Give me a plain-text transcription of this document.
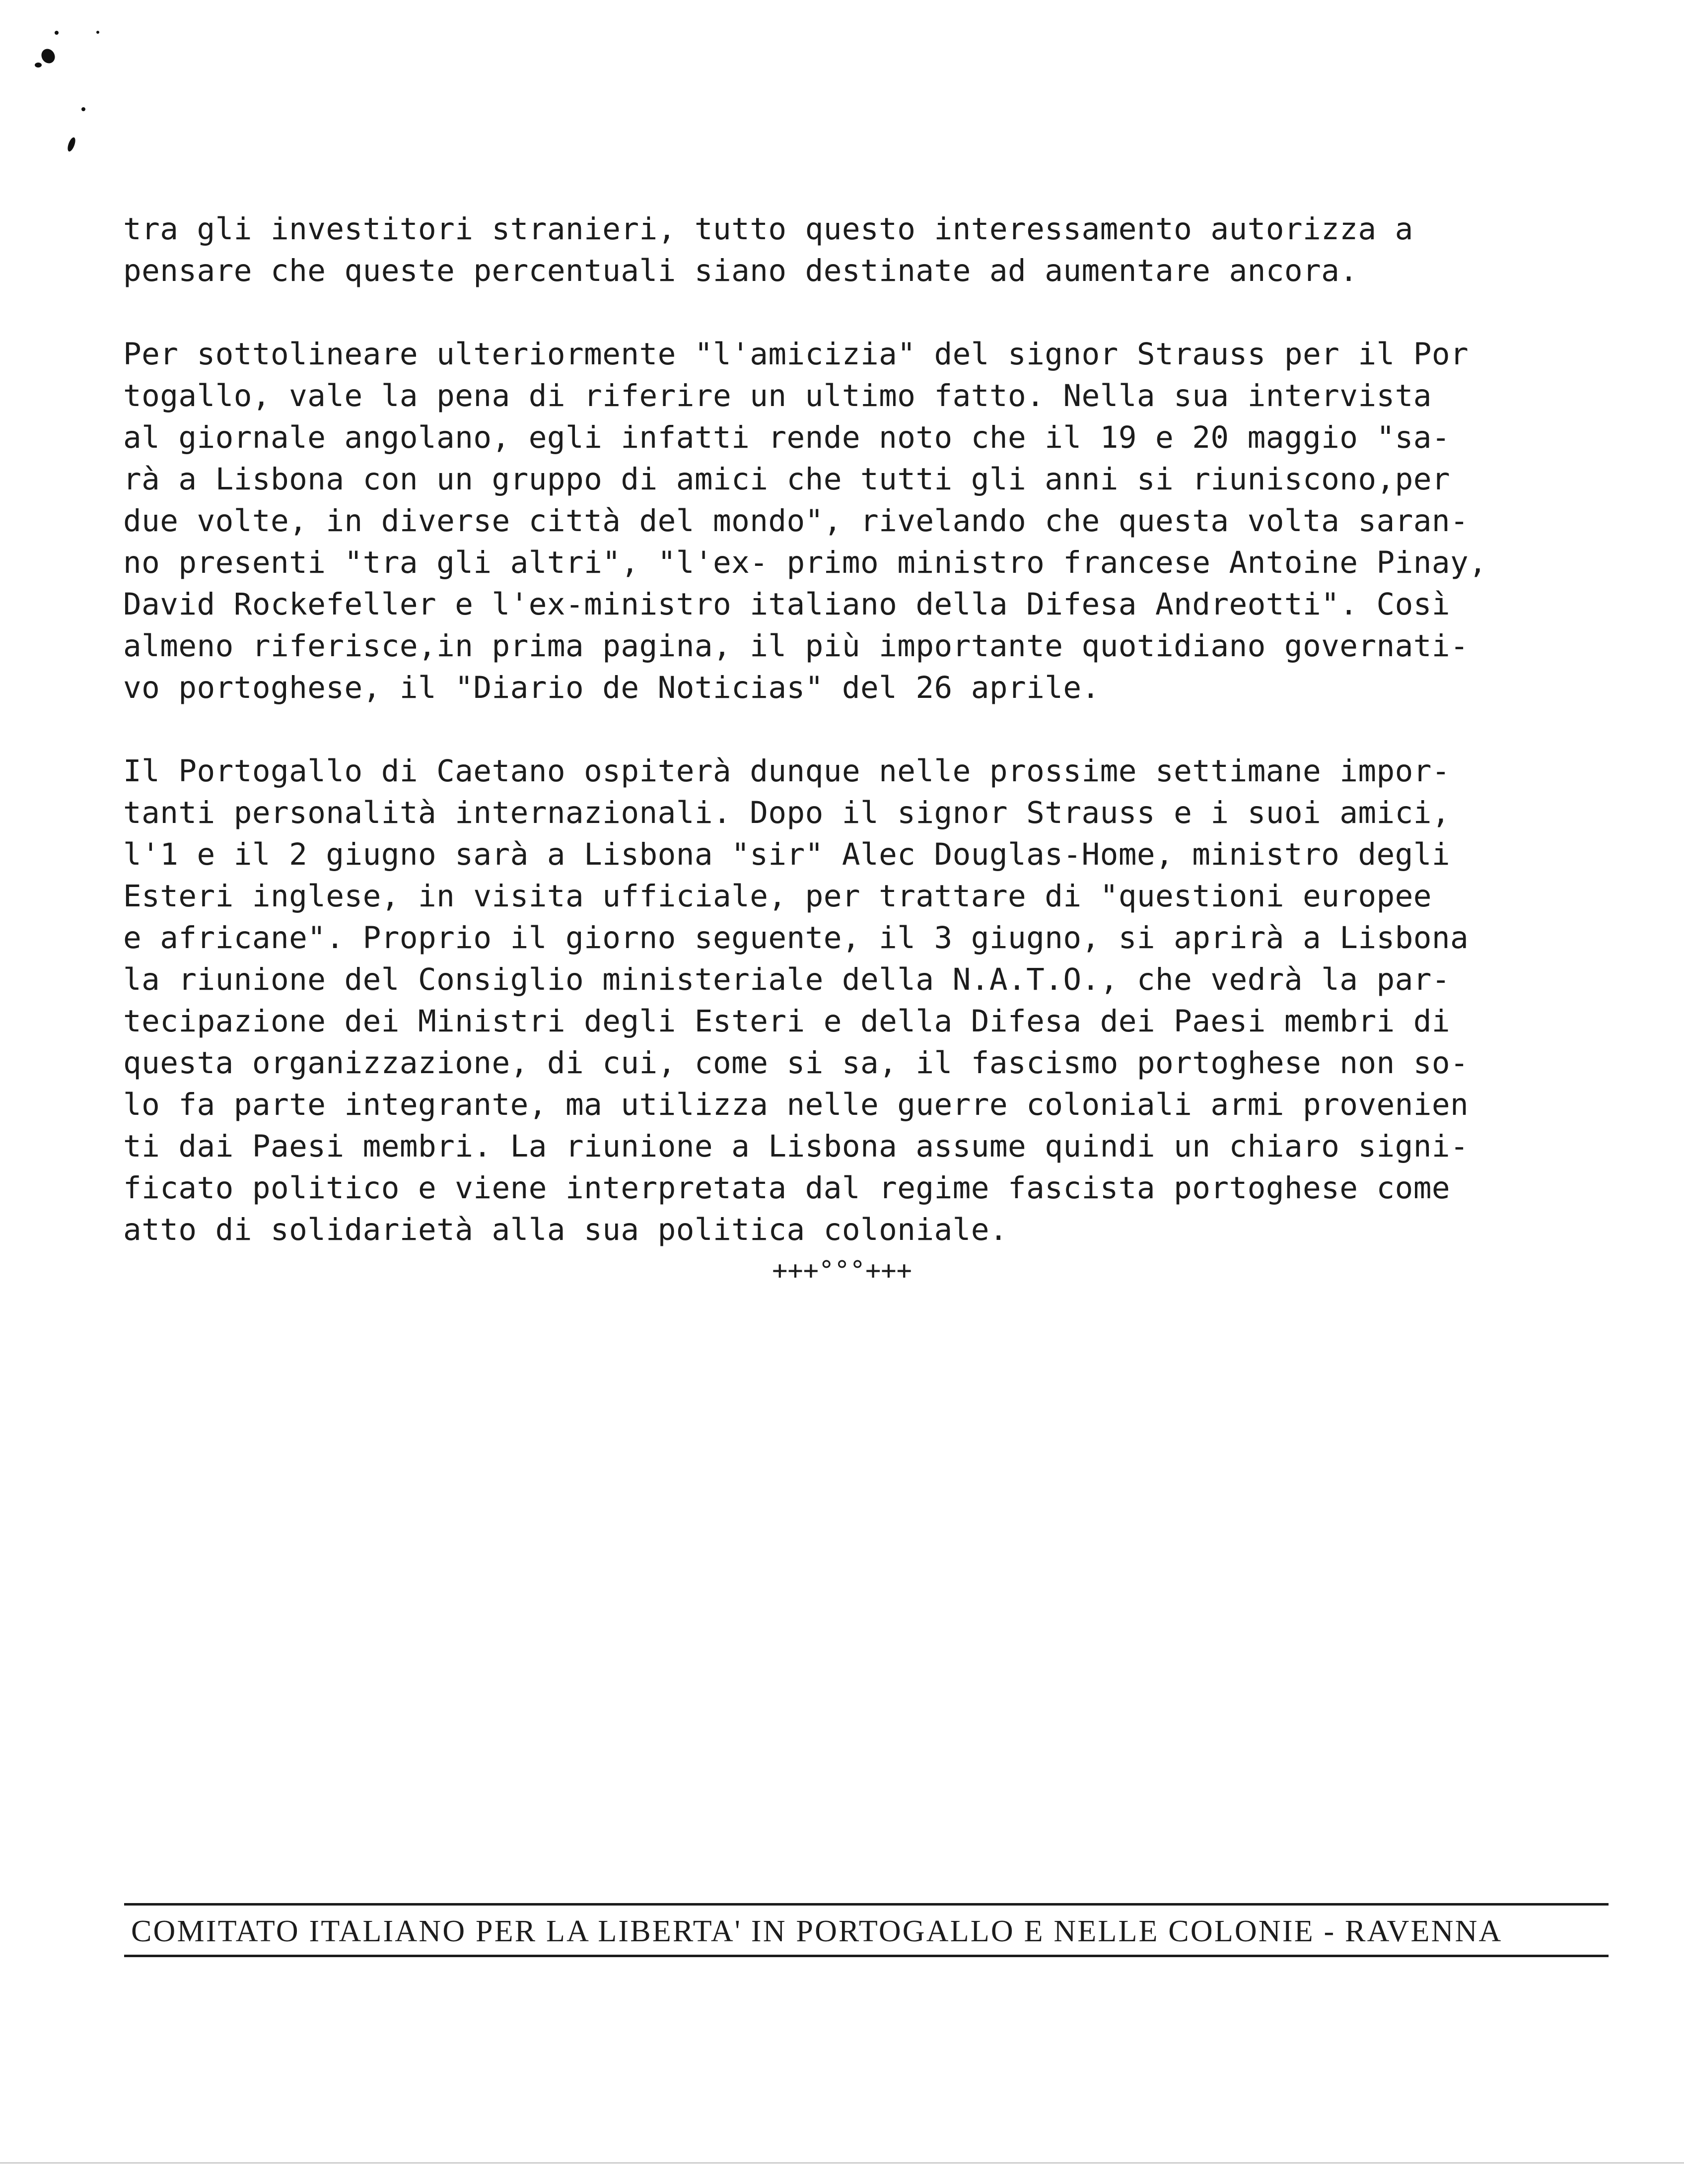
tra gli investitori stranieri, tutto questo interessamento autorizza a
pensare che queste percentuali siano destinate ad aumentare ancora.
Per sottolineare ulteriormente "l'amicizia" del signor Strauss per il Por
togallo, vale la pena di riferire un ultimo fatto. Nella sua intervista
al giornale angolano, egli infatti rende noto che il 19 e 20 maggio "sa-
rà a Lisbona con un gruppo di amici che tutti gli anni si riuniscono,per
due volte, in diverse città del mondo", rivelando che questa volta saran-
no presenti "tra gli altri", "l'ex- primo ministro francese Antoine Pinay,
David Rockefeller e l'ex-ministro italiano della Difesa Andreotti". Così
almeno riferisce,in prima pagina, il più importante quotidiano governati-
vo portoghese, il "Diario de Noticias" del 26 aprile.
Il Portogallo di Caetano ospiterà dunque nelle prossime settimane impor-
tanti personalità internazionali. Dopo il signor Strauss e i suoi amici,
l'1 e il 2 giugno sarà a Lisbona "sir" Alec Douglas-Home, ministro degli
Esteri inglese, in visita ufficiale, per trattare di "questioni europee
e africane". Proprio il giorno seguente, il 3 giugno, si aprirà a Lisbona
la riunione del Consiglio ministeriale della N.A.T.O., che vedrà la par-
tecipazione dei Ministri degli Esteri e della Difesa dei Paesi membri di
questa organizzazione, di cui, come si sa, il fascismo portoghese non so-
lo fa parte integrante, ma utilizza nelle guerre coloniali armi provenien
ti dai Paesi membri. La riunione a Lisbona assume quindi un chiaro signi-
ficato politico e viene interpretata dal regime fascista portoghese come
atto di solidarietà alla sua politica coloniale.
+++°°°+++
COMITATO ITALIANO PER LA LIBERTA' IN PORTOGALLO E NELLE COLONIE - RAVENNA
